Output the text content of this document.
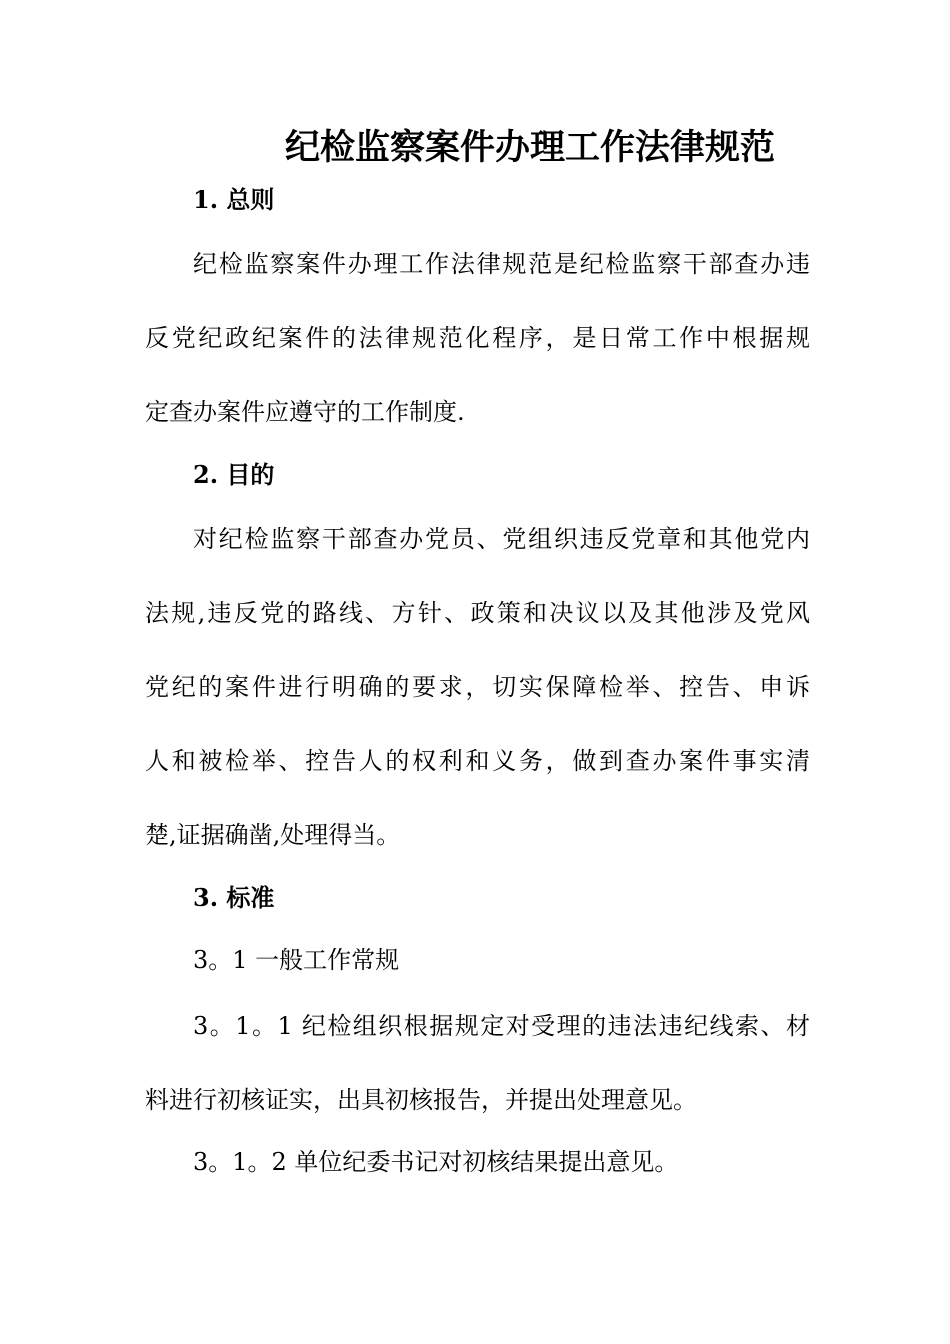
纪检监察案件办理工作法律规范
1. 总则

纪检监察案件办理工作法律规范是纪检监察干部查办违

反党纪政纪案件的法律规范化程序，是日常工作中根据规

定查办案件应遵守的工作制度.

2. 目的

对纪检监察干部查办党员、党组织违反党章和其他党内

法规,违反党的路线、方针、政策和决议以及其他涉及党风

党纪的案件进行明确的要求，切实保障检举、控告、申诉

人和被检举、控告人的权利和义务，做到查办案件事实清

楚,证据确凿,处理得当。

3. 标准

3。1 一般工作常规

3。1。1 纪检组织根据规定对受理的违法违纪线索、材

料进行初核证实，出具初核报告，并提出处理意见。

3。1。2 单位纪委书记对初核结果提出意见。
